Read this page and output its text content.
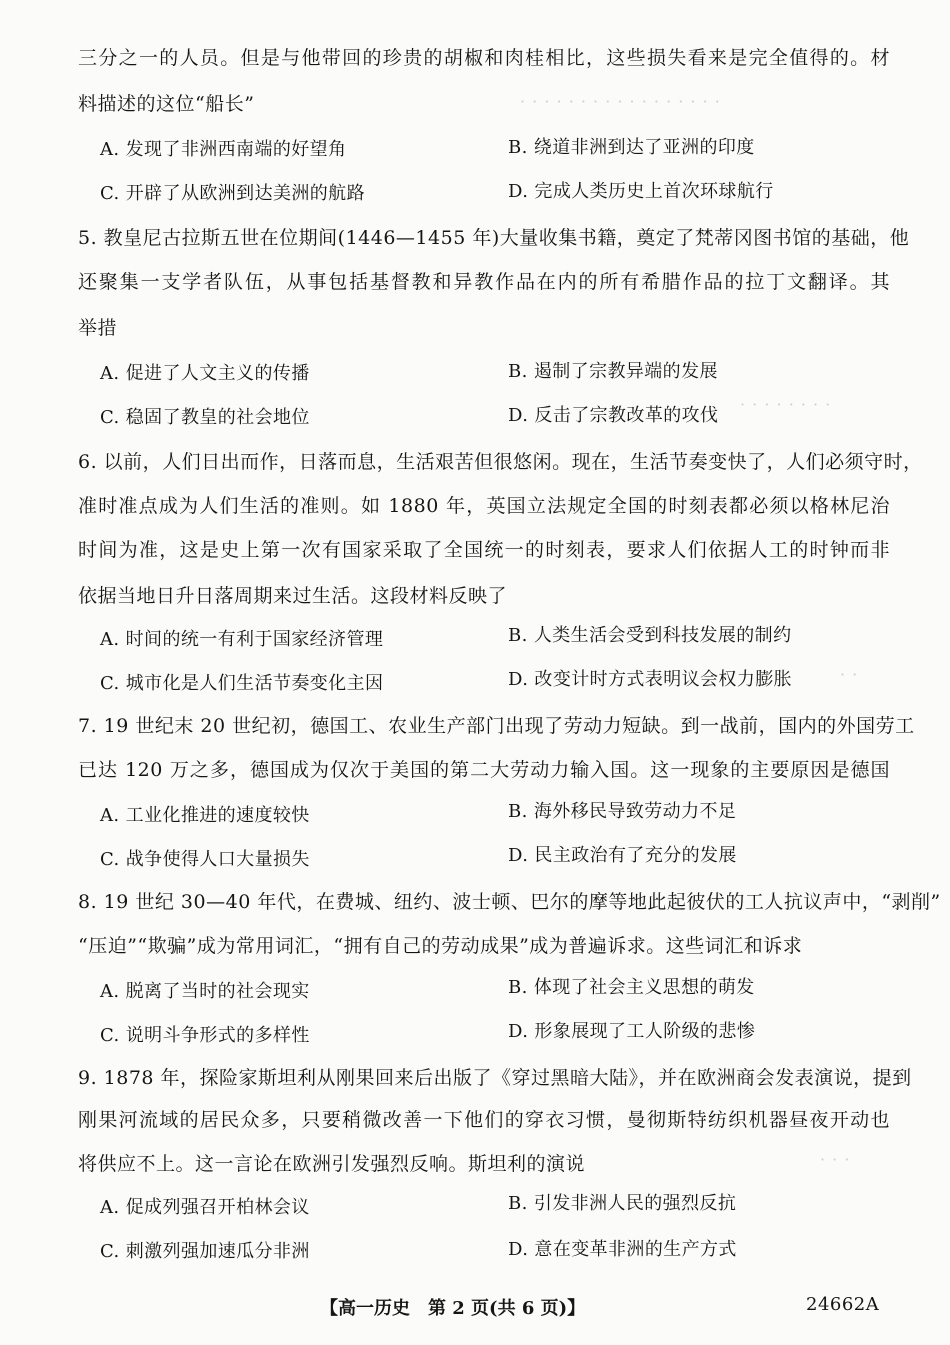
· · · · · · · · · · · · · · · · ·
· · · · · · · ·
· ·
· · ·
三分之一的人员。但是与他带回的珍贵的胡椒和肉桂相比，这些损失看来是完全值得的。材
料描述的这位“船长”
A. 发现了非洲西南端的好望角	B. 绕道非洲到达了亚洲的印度
C. 开辟了从欧洲到达美洲的航路	D. 完成人类历史上首次环球航行
5. 教皇尼古拉斯五世在位期间(1446—1455 年)大量收集书籍，奠定了梵蒂冈图书馆的基础，他
还聚集一支学者队伍，从事包括基督教和异教作品在内的所有希腊作品的拉丁文翻译。其
举措
A. 促进了人文主义的传播	B. 遏制了宗教异端的发展
C. 稳固了教皇的社会地位	D. 反击了宗教改革的攻伐
6. 以前，人们日出而作，日落而息，生活艰苦但很悠闲。现在，生活节奏变快了，人们必须守时，
准时准点成为人们生活的准则。如 1880 年，英国立法规定全国的时刻表都必须以格林尼治
时间为准，这是史上第一次有国家采取了全国统一的时刻表，要求人们依据人工的时钟而非
依据当地日升日落周期来过生活。这段材料反映了
A. 时间的统一有利于国家经济管理	B. 人类生活会受到科技发展的制约
C. 城市化是人们生活节奏变化主因	D. 改变计时方式表明议会权力膨胀
7. 19 世纪末 20 世纪初，德国工、农业生产部门出现了劳动力短缺。到一战前，国内的外国劳工
已达 120 万之多，德国成为仅次于美国的第二大劳动力输入国。这一现象的主要原因是德国
A. 工业化推进的速度较快	B. 海外移民导致劳动力不足
C. 战争使得人口大量损失	D. 民主政治有了充分的发展
8. 19 世纪 30—40 年代，在费城、纽约、波士顿、巴尔的摩等地此起彼伏的工人抗议声中，“剥削”
“压迫”“欺骗”成为常用词汇，“拥有自己的劳动成果”成为普遍诉求。这些词汇和诉求
A. 脱离了当时的社会现实	B. 体现了社会主义思想的萌发
C. 说明斗争形式的多样性	D. 形象展现了工人阶级的悲惨
9. 1878 年，探险家斯坦利从刚果回来后出版了《穿过黑暗大陆》，并在欧洲商会发表演说，提到
刚果河流域的居民众多，只要稍微改善一下他们的穿衣习惯，曼彻斯特纺织机器昼夜开动也
将供应不上。这一言论在欧洲引发强烈反响。斯坦利的演说
A. 促成列强召开柏林会议	B. 引发非洲人民的强烈反抗
C. 刺激列强加速瓜分非洲	D. 意在变革非洲的生产方式
【高一历史　第 2 页(共 6 页)】	24662A
